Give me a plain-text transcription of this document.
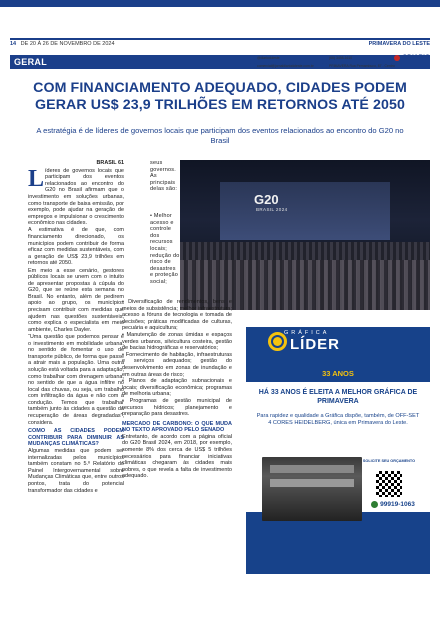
14 DE 20 À 26 DE NOVEMBRO DE 2024	PRIMAVERA DO LESTE
GERAL	@diariodoleste
comercial@jornaldiariodoleste.com.br
(66) 3498-1610
PRIMAVERA Rua Pernambuco, 87 - Centro
ODIARIO
COM FINANCIAMENTO ADEQUADO, CIDADES PODEM GERAR US$ 23,9 TRILHÕES EM RETORNOS ATÉ 2050
A estratégia é de líderes de governos locais que participam dos eventos relacionados ao encontro do G20 no Brasil
BRASIL 61

Líderes de governos locais que participam dos eventos relacionados ao encontro do G20 no Brasil afirmam que o investimento em soluções urbanas, como transporte de baixa emissão, por exemplo, pode ajudar na geração de empregos e impulsionar o crescimento econômico nas cidades.

A estimativa é de que, com financiamento direcionado, os municípios podem contribuir de forma eficaz com medidas sustentáveis, com a geração de US$ 23,9 trilhões em retornos até 2050.

Em meio a esse cenário, gestores públicos locais se unem com o intuito de apresentar propostas à cúpula do G20, que se reúne esta semana no Brasil. No entanto, além de pedirem apoio ao grupo, os municípios precisam contribuir com medidas que ajudem nas questões sustentáveis, como explica o especialista em meio ambiente, Charles Dayler.

“Uma questão que podemos pensar é o investimento em mobilidade urbana, no sentido de fomentar o uso de transporte público, de forma que passe a atrair mais a população. Uma outra solução está voltada para a adaptação, como trabalhar com drenagem urbana, no sentido de que a água infiltre no local das chuvas, ou seja, um trabalho com infiltração da água e não com a condução. Temos que trabalhar também junto às cidades a questão da recuperação de áreas degradadas”, considera.

COMO AS CIDADES PODEM CONTRIBUIR PARA DIMINUIR AS MUDANÇAS CLIMÁTICAS?

Algumas medidas que podem ser internalizadas pelos municípios também constam no 5.º Relatório do Painel Intergovernamental sobre Mudanças Climáticas que, entre outros pontos, trata do potencial transformador das cidades e

seus governos. As principais delas são:
• Melhor acesso e controle dos recursos locais; redução do risco de desastres e proteção social;
G20
BRASIL 2024

• Diversificação de rendimentos, bens e meios de subsistência; melhor infraestrutura; acesso a fóruns de tecnologia e tomada de decisões; práticas modificadas de culturas, pecuária e aquicultura;

• Manutenção de zonas úmidas e espaços verdes urbanos, silvicultura costeira, gestão de bacias hidrográficas e reservatórios;

• Fornecimento de habitação, infraestruturas e serviços adequados; gestão do desenvolvimento em zonas de inundação e em outras áreas de risco;

• Planos de adaptação subnacionais e locais; diversificação econômica; programas de melhoria urbana;

• Programas de gestão municipal de recursos hídricos; planejamento e preparação para desastres.

MERCADO DE CARBONO: O QUE MUDA NO TEXTO APROVADO PELO SENADO

Entretanto, de acordo com a página oficial do G20 Brasil 2024, em 2018, por exemplo, somente 8% dos cerca de US$ 5 trilhões necessários para financiar iniciativas climáticas chegaram às cidades mais pobres, o que revela a falta de investimento adequado.

GRÁFICA
LÍDER
33 ANOS
HÁ 33 ANOS É ELEITA A MELHOR GRÁFICA DE PRIMAVERA
Para rapidez e qualidade a Gráfica dispõe, também, de OFF-SET 4 CORES HEIDELBERG, única em Primavera do Leste.
SOLICITE SEU ORÇAMENTO
99919-1063
